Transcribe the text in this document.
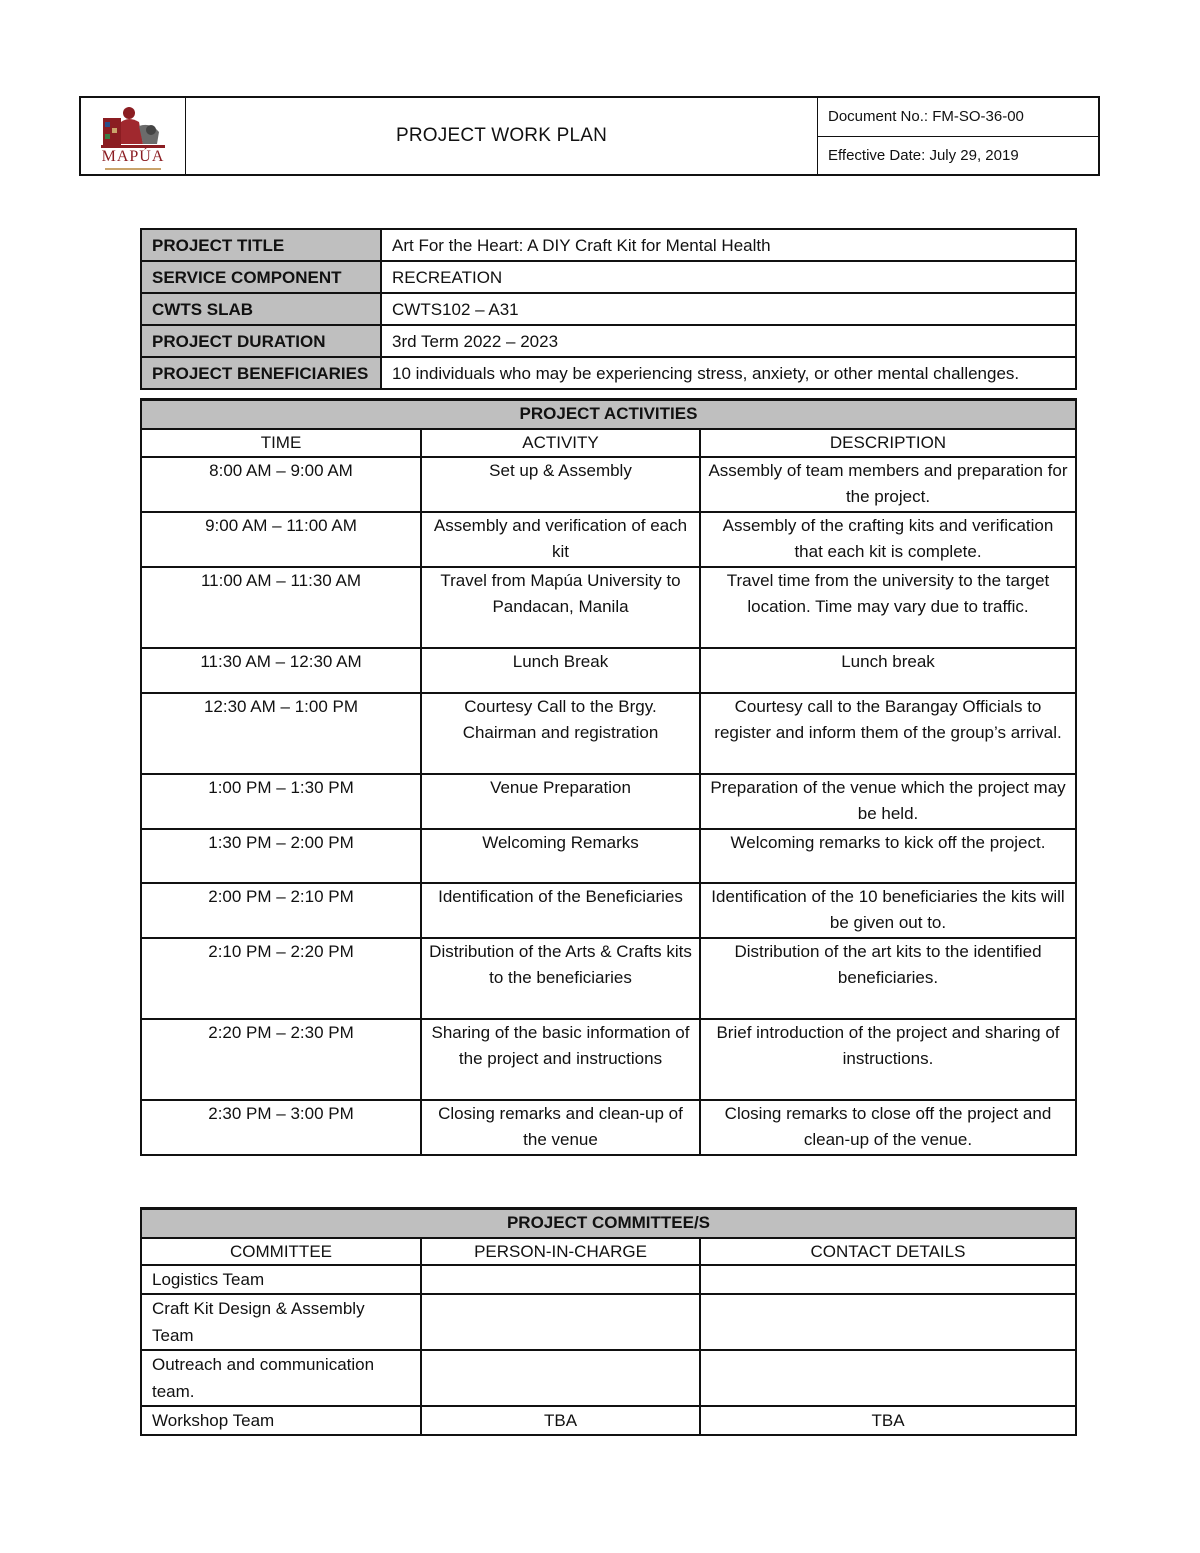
MAPÚA
PROJECT WORK PLAN
Document No.: FM-SO-36-00
Effective Date: July 29, 2019
PROJECT TITLE	Art For the Heart: A DIY Craft Kit for Mental Health
SERVICE COMPONENT	RECREATION
CWTS SLAB	CWTS102 – A31
PROJECT DURATION	3rd Term 2022 – 2023
PROJECT BENEFICIARIES	10 individuals who may be experiencing stress, anxiety, or other mental challenges.
PROJECT ACTIVITIES		
TIME	ACTIVITY	DESCRIPTION
8:00 AM – 9:00 AM	Set up & Assembly	Assembly of team members and preparation for the project.
9:00 AM – 11:00 AM	Assembly and verification of each kit	Assembly of the crafting kits and verification that each kit is complete.
11:00 AM – 11:30 AM	Travel from Mapúa University to Pandacan, Manila	Travel time from the university to the target location. Time may vary due to traffic.
11:30 AM – 12:30 AM	Lunch Break	Lunch break
12:30 AM – 1:00 PM	Courtesy Call to the Brgy. Chairman and registration	Courtesy call to the Barangay Officials to register and inform them of the group’s arrival.
1:00 PM – 1:30 PM	Venue Preparation	Preparation of the venue which the project may be held.
1:30 PM – 2:00 PM	Welcoming Remarks	Welcoming remarks to kick off the project.
2:00 PM – 2:10 PM	Identification of the Beneficiaries	Identification of the 10 beneficiaries the kits will be given out to.
2:10 PM – 2:20 PM	Distribution of the Arts & Crafts kits to the beneficiaries	Distribution of the art kits to the identified beneficiaries.
2:20 PM – 2:30 PM	Sharing of the basic information of the project and instructions	Brief introduction of the project and sharing of instructions.
2:30 PM – 3:00 PM	Closing remarks and clean-up of the venue	Closing remarks to close off the project and clean-up of the venue.
PROJECT COMMITTEE/S		
COMMITTEE	PERSON-IN-CHARGE	CONTACT DETAILS
Logistics Team		
Craft Kit Design & Assembly Team		
Outreach and communication team.		
Workshop Team	TBA	TBA
